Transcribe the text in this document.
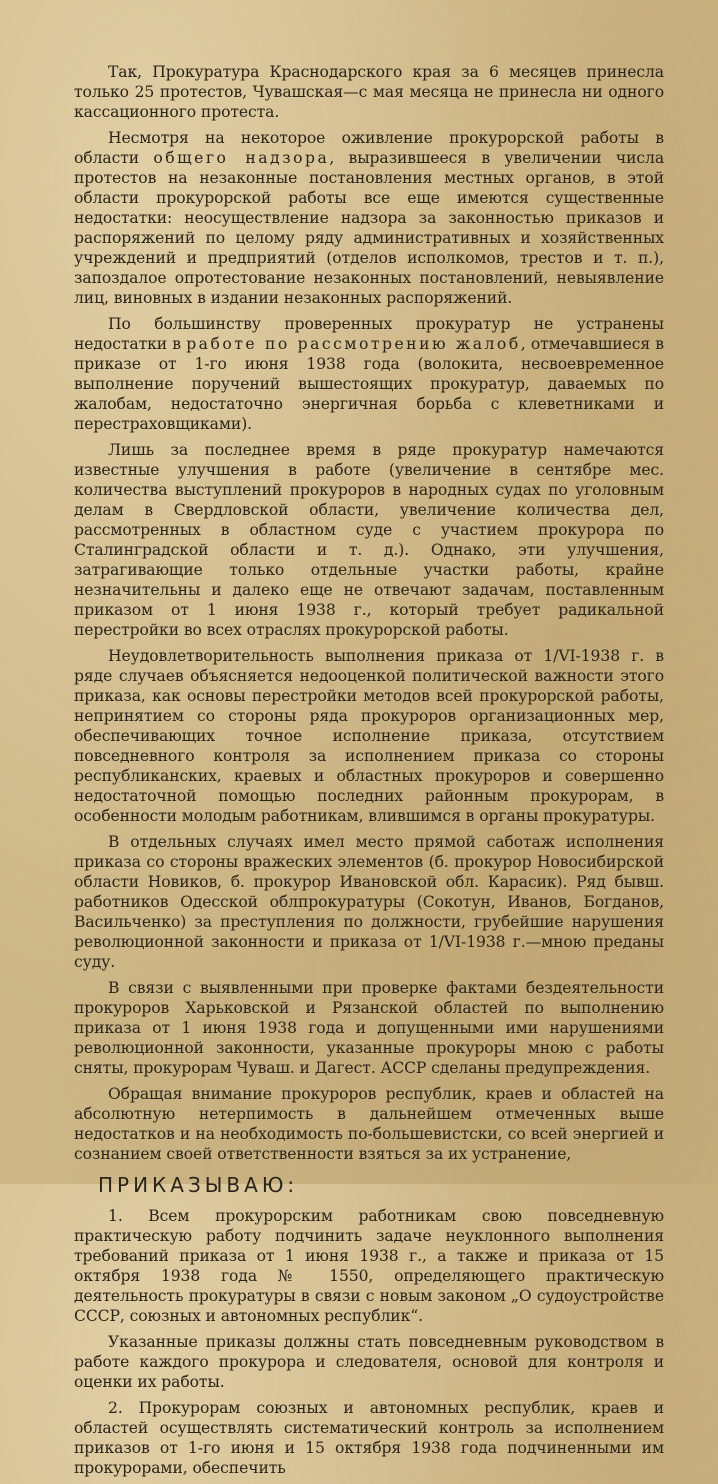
Так, Прокуратура Краснодарского края за 6 месяцев принесла только 25 протестов, Чувашская—с мая месяца не принесла ни одного кассационного протеста.

Несмотря на некоторое оживление прокурорской работы в области общего надзора, выразившееся в увеличении числа протестов на незаконные постановления местных органов, в этой области прокурорской работы все еще имеются существенные недостатки: неосуществление надзора за законностью приказов и распоряжений по целому ряду административных и хозяйственных учреждений и предприятий (отделов исполкомов, трестов и т. п.), запоздалое опротестование незаконных постановлений, невыявление лиц, виновных в издании незаконных распоряжений.

По большинству проверенных прокуратур не устранены недостатки в работе по рассмотрению жалоб, отмечавшиеся в приказе от 1-го июня 1938 года (волокита, несвоевременное выполнение поручений вышестоящих прокуратур, даваемых по жалобам, недостаточно энергичная борьба с клеветниками и перестраховщиками).

Лишь за последнее время в ряде прокуратур намечаются известные улучшения в работе (увеличение в сентябре мес. количества выступлений прокуроров в народных судах по уголовным делам в Свердловской области, увеличение количества дел, рассмотренных в областном суде с участием прокурора по Сталинградской области и т. д.). Однако, эти улучшения, затрагивающие только отдельные участки работы, крайне незначительны и далеко еще не отвечают задачам, поставленным приказом от 1 июня 1938 г., который требует радикальной перестройки во всех отраслях прокурорской работы.

Неудовлетворительность выполнения приказа от 1/VI-1938 г. в ряде случаев объясняется недооценкой политической важности этого приказа, как основы перестройки методов всей прокурорской работы, непринятием со стороны ряда прокуроров организационных мер, обеспечивающих точное исполнение приказа, отсутствием повседневного контроля за исполнением приказа со стороны республиканских, краевых и областных прокуроров и совершенно недостаточной помощью последних районным прокурорам, в особенности молодым работникам, влившимся в органы прокуратуры.

В отдельных случаях имел место прямой саботаж исполнения приказа со стороны вражеских элементов (б. прокурор Новосибирской области Новиков, б. прокурор Ивановской обл. Карасик). Ряд бывш. работников Одесской облпрокуратуры (Сокотун, Иванов, Богданов, Васильченко) за преступления по должности, грубейшие нарушения революционной законности и приказа от 1/VI-1938 г.—мною преданы суду.

В связи с выявленными при проверке фактами бездеятельности прокуроров Харьковской и Рязанской областей по выполнению приказа от 1 июня 1938 года и допущенными ими нарушениями революционной законности, указанные прокуроры мною с работы сняты, прокурорам Чуваш. и Дагест. АССР сделаны предупреждения.

Обращая внимание прокуроров республик, краев и областей на абсолютную нетерпимость в дальнейшем отмеченных выше недостатков и на необходимость по-большевистски, со всей энергией и сознанием своей ответственности взяться за их устранение,

ПРИКАЗЫВАЮ:

1. Всем прокурорским работникам свою повседневную практическую работу подчинить задаче неуклонного выполнения требований приказа от 1 июня 1938 г., а также и приказа от 15 октября 1938 года № 1550, определяющего практическую деятельность прокуратуры в связи с новым законом „О судоустройстве СССР, союзных и автономных республик“.

Указанные приказы должны стать повседневным руководством в работе каждого прокурора и следователя, основой для контроля и оценки их работы.

2. Прокурорам союзных и автономных республик, краев и областей осуществлять систематический контроль за исполнением приказов от 1-го июня и 15 октября 1938 года подчиненными им прокурорами, обеспечить
